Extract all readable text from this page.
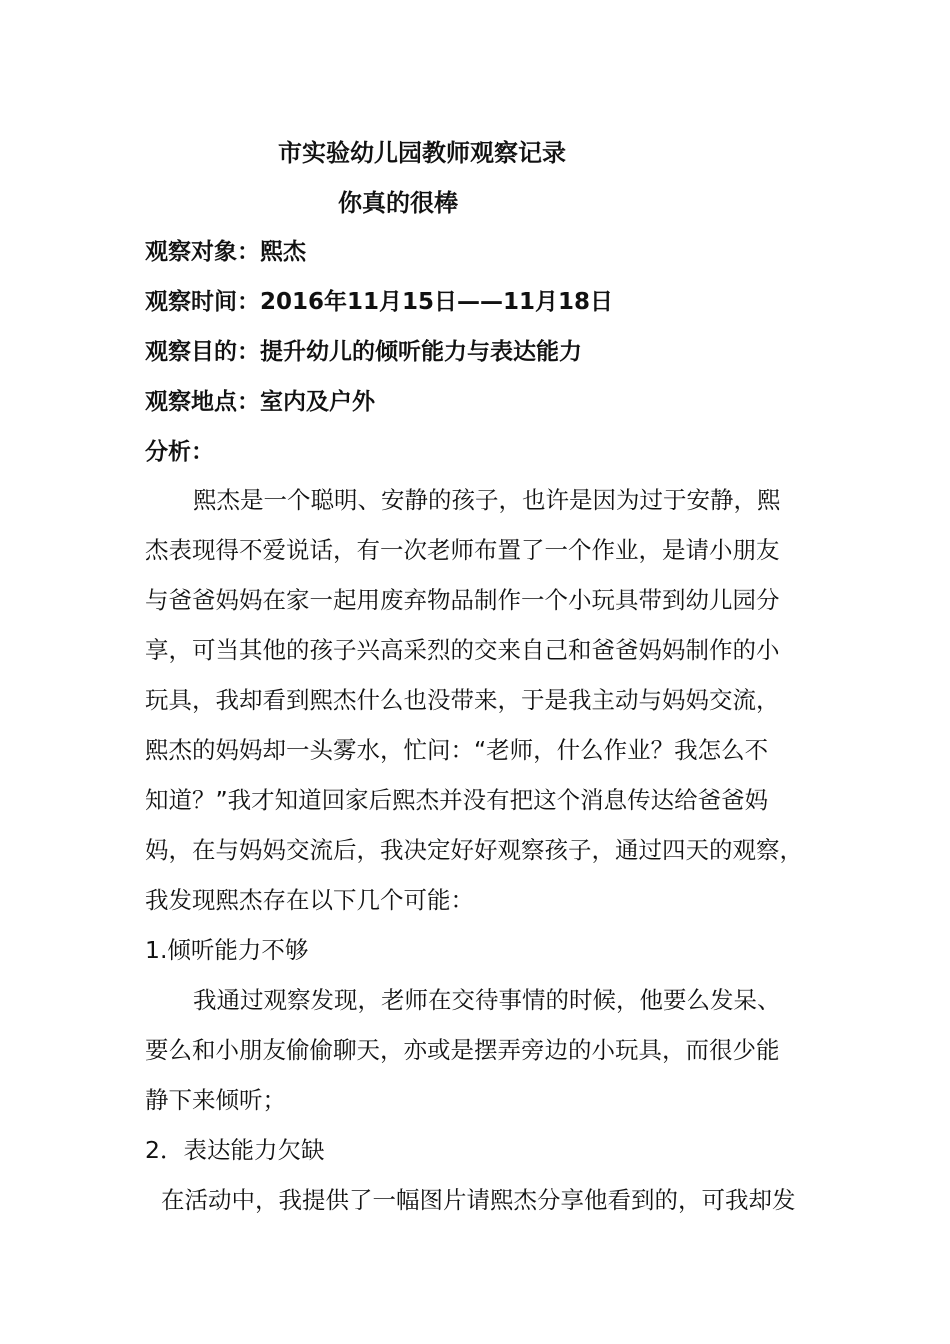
市实验幼儿园教师观察记录
你真的很棒
观察对象：熙杰
观察时间：2016年11月15日——11月18日
观察目的：提升幼儿的倾听能力与表达能力
观察地点：室内及户外
分析：
熙杰是一个聪明、安静的孩子，也许是因为过于安静，熙
杰表现得不爱说话，有一次老师布置了一个作业，是请小朋友
与爸爸妈妈在家一起用废弃物品制作一个小玩具带到幼儿园分
享，可当其他的孩子兴高采烈的交来自己和爸爸妈妈制作的小
玩具，我却看到熙杰什么也没带来，于是我主动与妈妈交流，
熙杰的妈妈却一头雾水，忙问：“老师，什么作业？我怎么不
知道？”我才知道回家后熙杰并没有把这个消息传达给爸爸妈
妈，在与妈妈交流后，我决定好好观察孩子，通过四天的观察，
我发现熙杰存在以下几个可能：
1.倾听能力不够
我通过观察发现，老师在交待事情的时候，他要么发呆、
要么和小朋友偷偷聊天，亦或是摆弄旁边的小玩具，而很少能
静下来倾听；
2．表达能力欠缺
在活动中，我提供了一幅图片请熙杰分享他看到的，可我却发
